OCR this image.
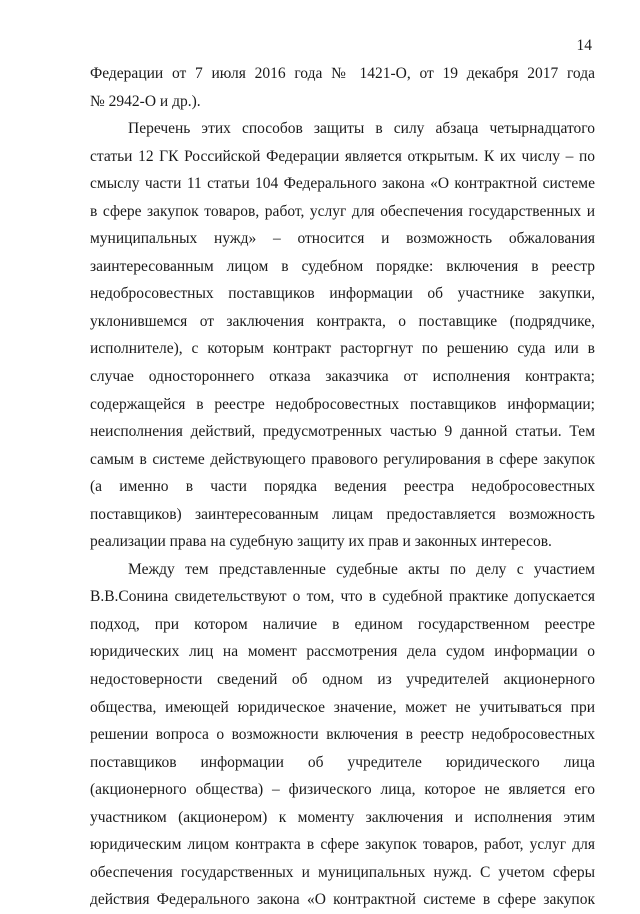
14
Федерации от 7 июля 2016 года № 1421-О, от 19 декабря 2017 года
№ 2942-О и др.).
Перечень этих способов защиты в силу абзаца четырнадцатого
статьи 12 ГК Российской Федерации является открытым. К их числу – по
смыслу части 11 статьи 104 Федерального закона «О контрактной системе
в сфере закупок товаров, работ, услуг для обеспечения государственных и
муниципальных нужд» – относится и возможность обжалования
заинтересованным лицом в судебном порядке: включения в реестр
недобросовестных поставщиков информации об участнике закупки,
уклонившемся от заключения контракта, о поставщике (подрядчике,
исполнителе), с которым контракт расторгнут по решению суда или в
случае одностороннего отказа заказчика от исполнения контракта;
содержащейся в реестре недобросовестных поставщиков информации;
неисполнения действий, предусмотренных частью 9 данной статьи. Тем
самым в системе действующего правового регулирования в сфере закупок
(а именно в части порядка ведения реестра недобросовестных
поставщиков) заинтересованным лицам предоставляется возможность
реализации права на судебную защиту их прав и законных интересов.
Между тем представленные судебные акты по делу с участием
В.В.Сонина свидетельствуют о том, что в судебной практике допускается
подход, при котором наличие в едином государственном реестре
юридических лиц на момент рассмотрения дела судом информации о
недостоверности сведений об одном из учредителей акционерного
общества, имеющей юридическое значение, может не учитываться при
решении вопроса о возможности включения в реестр недобросовестных
поставщиков информации об учредителе юридического лица
(акционерного общества) – физического лица, которое не является его
участником (акционером) к моменту заключения и исполнения этим
юридическим лицом контракта в сфере закупок товаров, работ, услуг для
обеспечения государственных и муниципальных нужд. С учетом сферы
действия Федерального закона «О контрактной системе в сфере закупок
